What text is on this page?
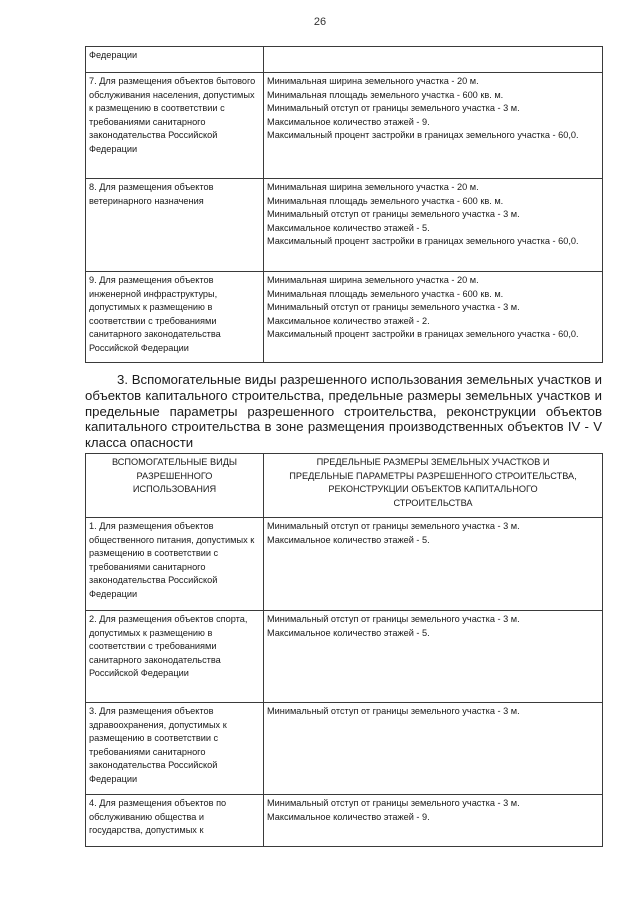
26
Федерации	
7. Для размещения объектов бытового обслуживания населения, допустимых к размещению в соответствии с требованиями санитарного законодательства Российской Федерации	Минимальная ширина земельного участка - 20 м.
Минимальная площадь земельного участка - 600 кв. м.
Минимальный отступ от границы земельного участка - 3 м.
Максимальное количество этажей - 9.
Максимальный процент застройки в границах земельного участка - 60,0.
8. Для размещения объектов ветеринарного назначения	Минимальная ширина земельного участка - 20 м.
Минимальная площадь земельного участка - 600 кв. м.
Минимальный отступ от границы земельного участка - 3 м.
Максимальное количество этажей - 5.
Максимальный процент застройки в границах земельного участка - 60,0.
9. Для размещения объектов инженерной инфраструктуры, допустимых к размещению в соответствии с требованиями санитарного законодательства Российской Федерации	Минимальная ширина земельного участка - 20 м.
Минимальная площадь земельного участка - 600 кв. м.
Минимальный отступ от границы земельного участка - 3 м.
Максимальное количество этажей - 2.
Максимальный процент застройки в границах земельного участка - 60,0.

3. Вспомогательные виды разрешенного использования земельных участков и объектов капитального строительства, предельные размеры земельных участков и предельные параметры разрешенного строительства, реконструкции объектов капитального строительства в зоне размещения производственных объектов IV - V класса опасности

ВСПОМОГАТЕЛЬНЫЕ ВИДЫ РАЗРЕШЕННОГО ИСПОЛЬЗОВАНИЯ	ПРЕДЕЛЬНЫЕ РАЗМЕРЫ ЗЕМЕЛЬНЫХ УЧАСТКОВ И ПРЕДЕЛЬНЫЕ ПАРАМЕТРЫ РАЗРЕШЕННОГО СТРОИТЕЛЬСТВА, РЕКОНСТРУКЦИИ ОБЪЕКТОВ КАПИТАЛЬНОГО СТРОИТЕЛЬСТВА
1. Для размещения объектов общественного питания, допустимых к размещению в соответствии с требованиями санитарного законодательства Российской Федерации	Минимальный отступ от границы земельного участка - 3 м.
Максимальное количество этажей - 5.

2. Для размещения объектов спорта, допустимых к размещению в соответствии с требованиями санитарного законодательства Российской Федерации	Минимальный отступ от границы земельного участка - 3 м.
Максимальное количество этажей - 5.

3. Для размещения объектов здравоохранения, допустимых к размещению в соответствии с требованиями санитарного законодательства Российской Федерации	Минимальный отступ от границы земельного участка - 3 м.

4. Для размещения объектов по обслуживанию общества и государства, допустимых к	Минимальный отступ от границы земельного участка - 3 м.
Максимальное количество этажей - 9.
